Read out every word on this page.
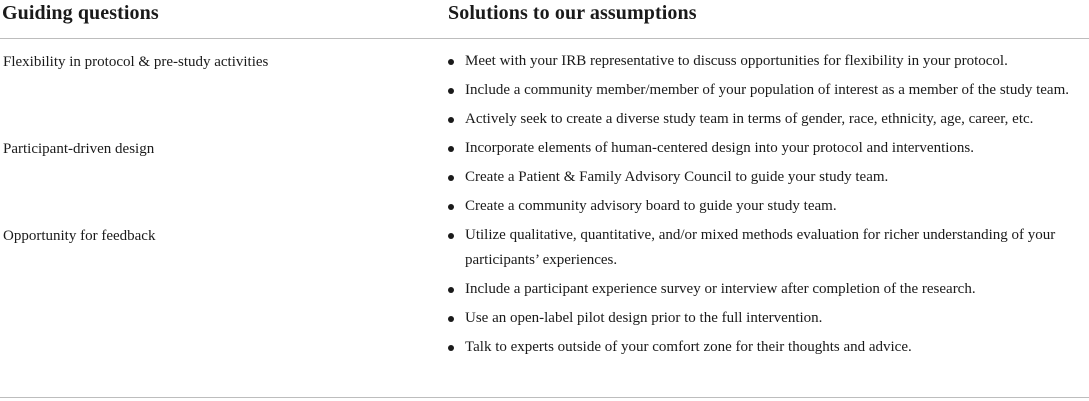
Guiding questions	Solutions to our assumptions
Flexibility in protocol & pre-study activities	Meet with your IRB representative to discuss opportunities for flexibility in your protocol.
Include a community member/member of your population of interest as a member of the study team.
Actively seek to create a diverse study team in terms of gender, race, ethnicity, age, career, etc.
Participant-driven design	Incorporate elements of human-centered design into your protocol and interventions.
Create a Patient & Family Advisory Council to guide your study team.
Create a community advisory board to guide your study team.
Opportunity for feedback	Utilize qualitative, quantitative, and/or mixed methods evaluation for richer understanding of your participants’ experiences.
Include a participant experience survey or interview after completion of the research.
Use an open-label pilot design prior to the full intervention.
Talk to experts outside of your comfort zone for their thoughts and advice.
